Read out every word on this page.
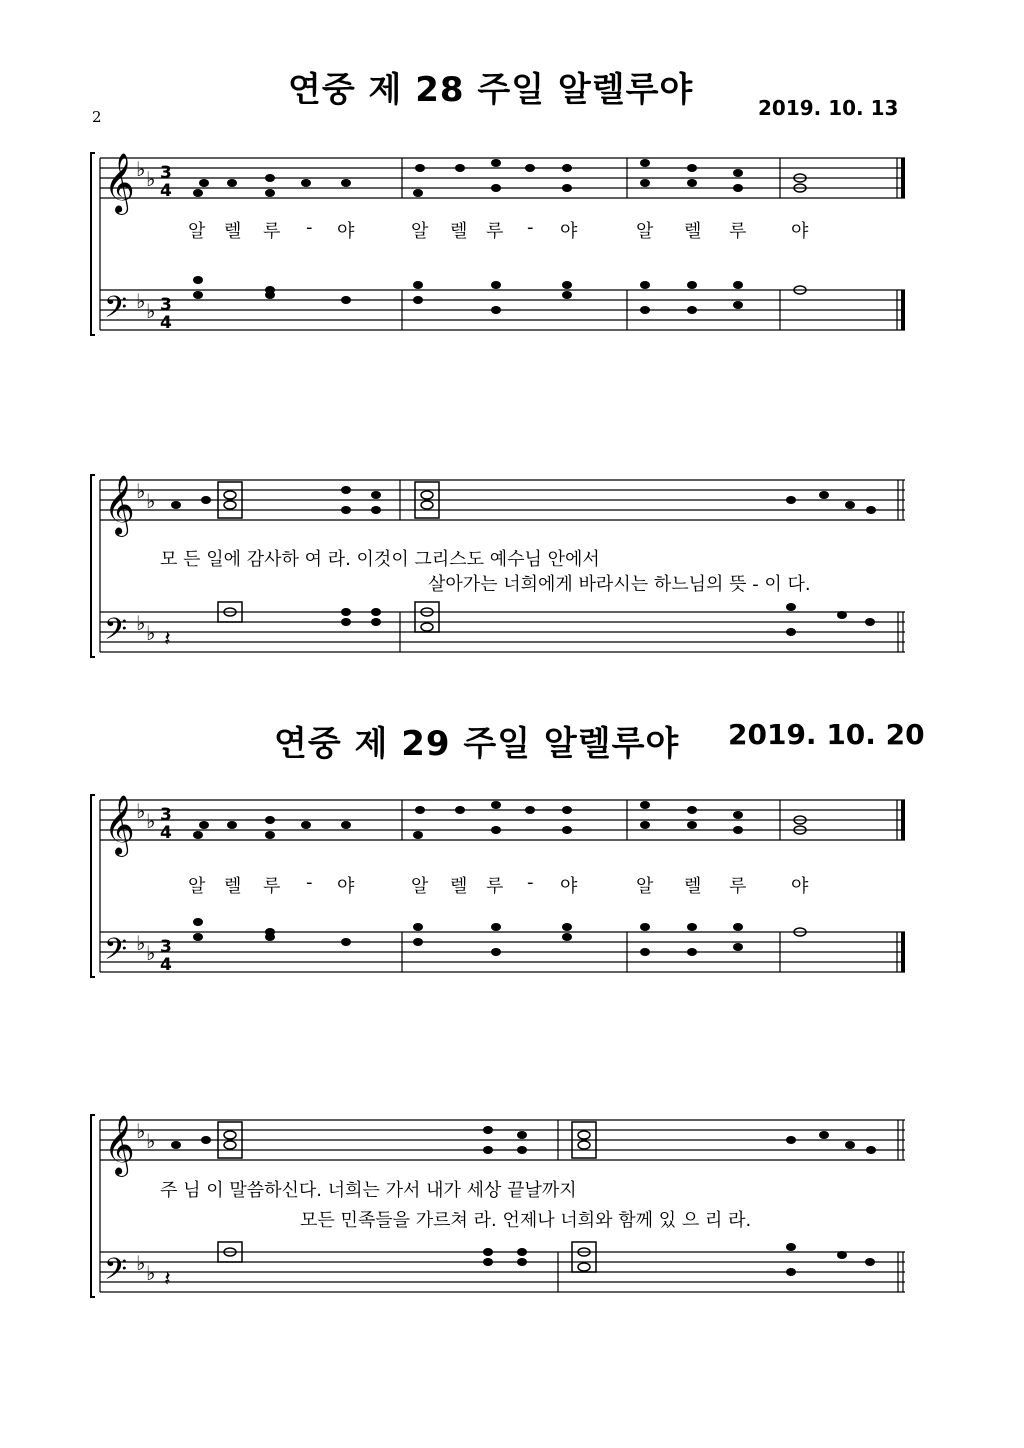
2
연중 제 28 주일 알렐루야	2019. 10. 13
𝄞
𝄢
♭ ♭
♭ ♭
3
4
3
4
알 렐 루 - 야	알 렐 루 - 야	알 렐 루 야
𝄞
𝄢
♭ ♭
♭ ♭ 𝄽
모 든 일에 감사하 여 라. 이것이 그리스도 예수님 안에서
살아가는 너희에게 바라시는 하느님의 뜻 - 이 다.
연중 제 29 주일 알렐루야 2019. 10. 20
𝄞
𝄢
♭ ♭
♭ ♭
3
4
3
4
알 렐 루 - 야	알 렐 루 - 야	알 렐 루 야
𝄞
𝄢
♭ ♭
♭ ♭ 𝄽
주 님 이 말씀하신다. 너희는 가서 내가 세상 끝날까지
모든 민족들을 가르쳐 라. 언제나 너희와 함께 있 으 리 라.
